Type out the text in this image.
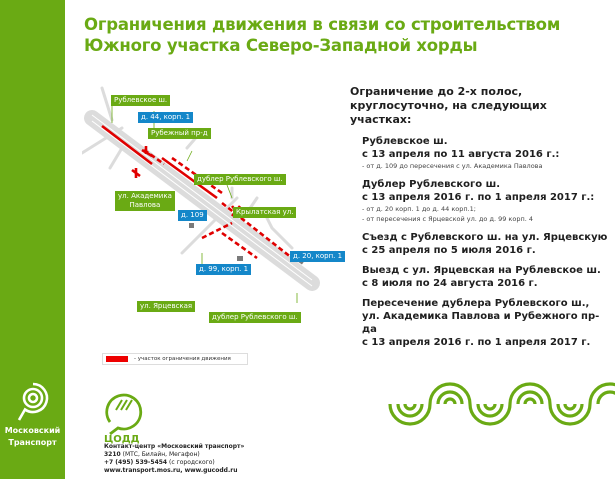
Московский
Транспорт
Ограничения движения в связи со строительством
Южного участка Северо-Западной хорды
Рублевское ш.
д. 44, корп. 1
Рубежный пр-д
дублер Рублевского ш.
ул. Академика
Павлова
д. 109	Крылатская ул.
д. 20, корп. 1
д. 99, корп. 1
ул. Ярцевская
дублер Рублевского ш.
- участок ограничения движения
Ограничение до 2-х полос,
круглосуточно, на следующих участках:
Рублевское ш.
с 13 апреля по 11 августа 2016 г.:
- от д. 109 до пересечения с ул. Академика Павлова
Дублер Рублевского ш.
с 13 апреля 2016 г. по 1 апреля 2017 г.:
- от д. 20 корп. 1 до д. 44 корп.1;
- от пересечения с Ярцевской ул. до д. 99 корп. 4
Съезд с Рублевского ш. на ул. Ярцевскую
с 25 апреля по 5 июля 2016 г.
Выезд с ул. Ярцевская на Рублевское ш.
с 8 июля по 24 августа 2016 г.
Пересечение дублера Рублевского ш.,
ул. Академика Павлова и Рубежного пр-да
с 13 апреля 2016 г. по 1 апреля 2017 г.
ЦОДД
Контакт-центр «Московский транспорт»
3210 (МТС, Билайн, Мегафон)
+7 (495) 539-5454 (с городского)
www.transport.mos.ru, www.gucodd.ru
